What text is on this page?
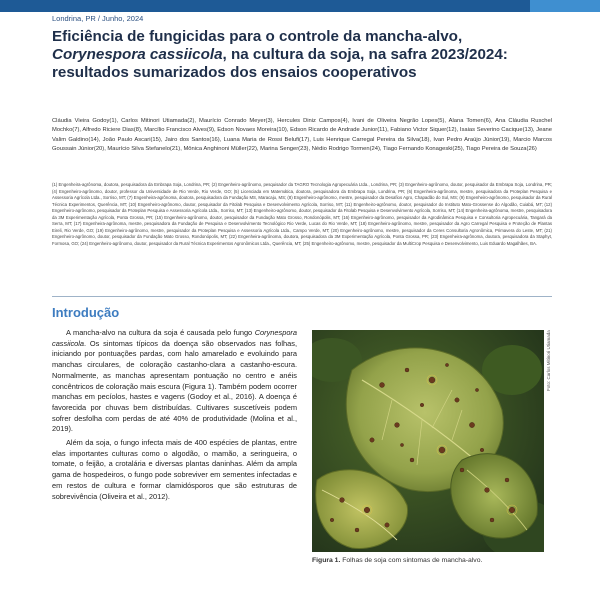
Londrina, PR / Junho, 2024
Eficiência de fungicidas para o controle da mancha-alvo, Corynespora cassiicola, na cultura da soja, na safra 2023/2024: resultados sumarizados dos ensaios cooperativos
Cláudia Vieira Godoy(1), Carlos Mitinori Utiamada(2), Maurício Conrado Meyer(3), Hercules Diniz Campos(4), Ivani de Oliveira Negrão Lopes(5), Alana Tomen(6), Ana Cláudia Ruschel Mochko(7), Alfredo Riciere Dias(8), Marcílio Francisco Alves(9), Edson Novaes Moreira(10), Edson Ricardo de Andrade Junior(11), Fabiano Victor Siquer(12), Isaias Severino Cacique(13), Jeane Valim Galdino(14), João Paulo Ascari(15), Jairo dos Santos(16), Luana Maria de Rossi Belufi(17), Luis Henrique Carregal Pereira da Silva(18), Ivan Pedro Araújo Júnior(19), Marcio Marcos Goussain Júnior(20), Maurício Silva Stefanelo(21), Mônica Anghinoni Müller(22), Marina Senger(23), Nédio Rodrigo Tormen(24), Tiago Fernando Konageski(25), Tiago Pereira de Souza(26)
(1) Engenheira-agrônoma, doutora, pesquisadora da Embrapa Soja, Londrina, PR; (2) Engenheiro-agrônomo, pesquisador da TAGRO Tecnologia Agropecuária Ltda., Londrina, PR; (3) Engenheiro-agrônomo, doutor, pesquisador da Embrapa Soja, Londrina, PR; (4) Engenheiro-agrônomo, doutor, professor da Universidade de Rio Verde, Rio Verde, GO; (5) Licenciada em Matemática, doutora, pesquisadora da Embrapa Soja, Londrina, PR; (6) Engenheira-agrônoma, mestre, pesquisadora da Proteplan Pesquisa e Assessoria Agrícola Ltda., Sorriso, MT; (7) Engenheira-agrônoma, doutora, pesquisadora da Fundação MS, Maracaju, MS; (8) Engenheiro-agrônomo, mestre, pesquisador da Desafios Agro, Chapadão do Sul, MS; (9) Engenheiro-agrônomo, pesquisador da Rural Técnica Experimentos, Querência, MT; (10) Engenheiro-agrônomo, doutor, pesquisador da Fitolab Pesquisa e Desenvolvimento Agrícola, Sorriso, MT; (11) Engenheiro-agrônomo, doutor, pesquisador do Instituto Mato-Grossense do Algodão, Cuiabá, MT; (12) Engenheiro-agrônomo, pesquisador da Proteplan Pesquisa e Assessoria Agrícola Ltda., Sorriso, MT; (13) Engenheiro-agrônomo, doutor, pesquisador da Fitolab Pesquisa e Desenvolvimento Agrícola, Sorriso, MT; (14) Engenheira-agrônoma, mestre, pesquisadora da 3M Experimentação Agrícola, Ponta Grossa, PR; (15) Engenheiro-agrônomo, doutor, pesquisador da Fundação Mato Grosso, Rondonópolis, MT; (16) Engenheiro-agrônomo, pesquisador da Agrodinâmica Pesquisa e Consultoria Agropecuária, Tangará da Serra, MT; (17) Engenheira-agrônoma, mestre, pesquisadora da Fundação de Pesquisa e Desenvolvimento Tecnológico Rio Verde, Lucas do Rio Verde, MT; (18) Engenheiro-agrônomo, mestre, pesquisador da Agro Carregal Pesquisa e Proteção de Plantas Eireli, Rio Verde, GO; (19) Engenheiro-agrônomo, mestre, pesquisador da Proteplan Pesquisa e Assessoria Agrícola Ltda., Campo Verde, MT; (20) Engenheiro-agrônomo, mestre, pesquisador da Ceres Consultoria Agronômica, Primavera do Leste, MT; (21) Engenheiro-agrônomo, doutor, pesquisador da Fundação Mato Grosso, Rondonópolis, MT; (22) Engenheira-agrônoma, doutora, pesquisadora da 3M Experimentação Agrícola, Ponta Grossa, PR; (23) Engenheira-agrônoma, doutora, pesquisadora da Staphyt, Formosa, GO; (24) Engenheiro-agrônomo, doutor, pesquisador da Rural Técnica Experimentos Agronômicos Ltda., Querência, MT; (25) Engenheiro-agrônomo, mestre, pesquisador da MultiCrop Pesquisa e Desenvolvimento, Luis Eduardo Magalhães, BA.
Introdução

A mancha-alvo na cultura da soja é causada pelo fungo Corynespora cassiicola. Os sintomas típicos da doença são observados nas folhas, iniciando por pontuações pardas, com halo amarelado e evoluindo para manchas circulares, de coloração castanho-clara a castanho-escura. Normalmente, as manchas apresentam pontuação no centro e anéis concêntricos de coloração mais escura (Figura 1). Também podem ocorrer manchas em pecíolos, hastes e vagens (Godoy et al., 2016). A doença é favorecida por chuvas bem distribuídas. Cultivares suscetíveis podem sofrer desfolha com perdas de até 40% de produtividade (Molina et al., 2019).

Além da soja, o fungo infecta mais de 400 espécies de plantas, entre elas importantes culturas como o algodão, o mamão, a seringueira, o tomate, o feijão, a crotalária e diversas plantas daninhas. Além da ampla gama de hospedeiros, o fungo pode sobreviver em sementes infectadas e em restos de cultura e formar clamidósporos que são estruturas de sobrevivência (Oliveira et al., 2012).

Foto: Carlos Mitinori Utiamada
Figura 1. Folhas de soja com sintomas de mancha-alvo.
